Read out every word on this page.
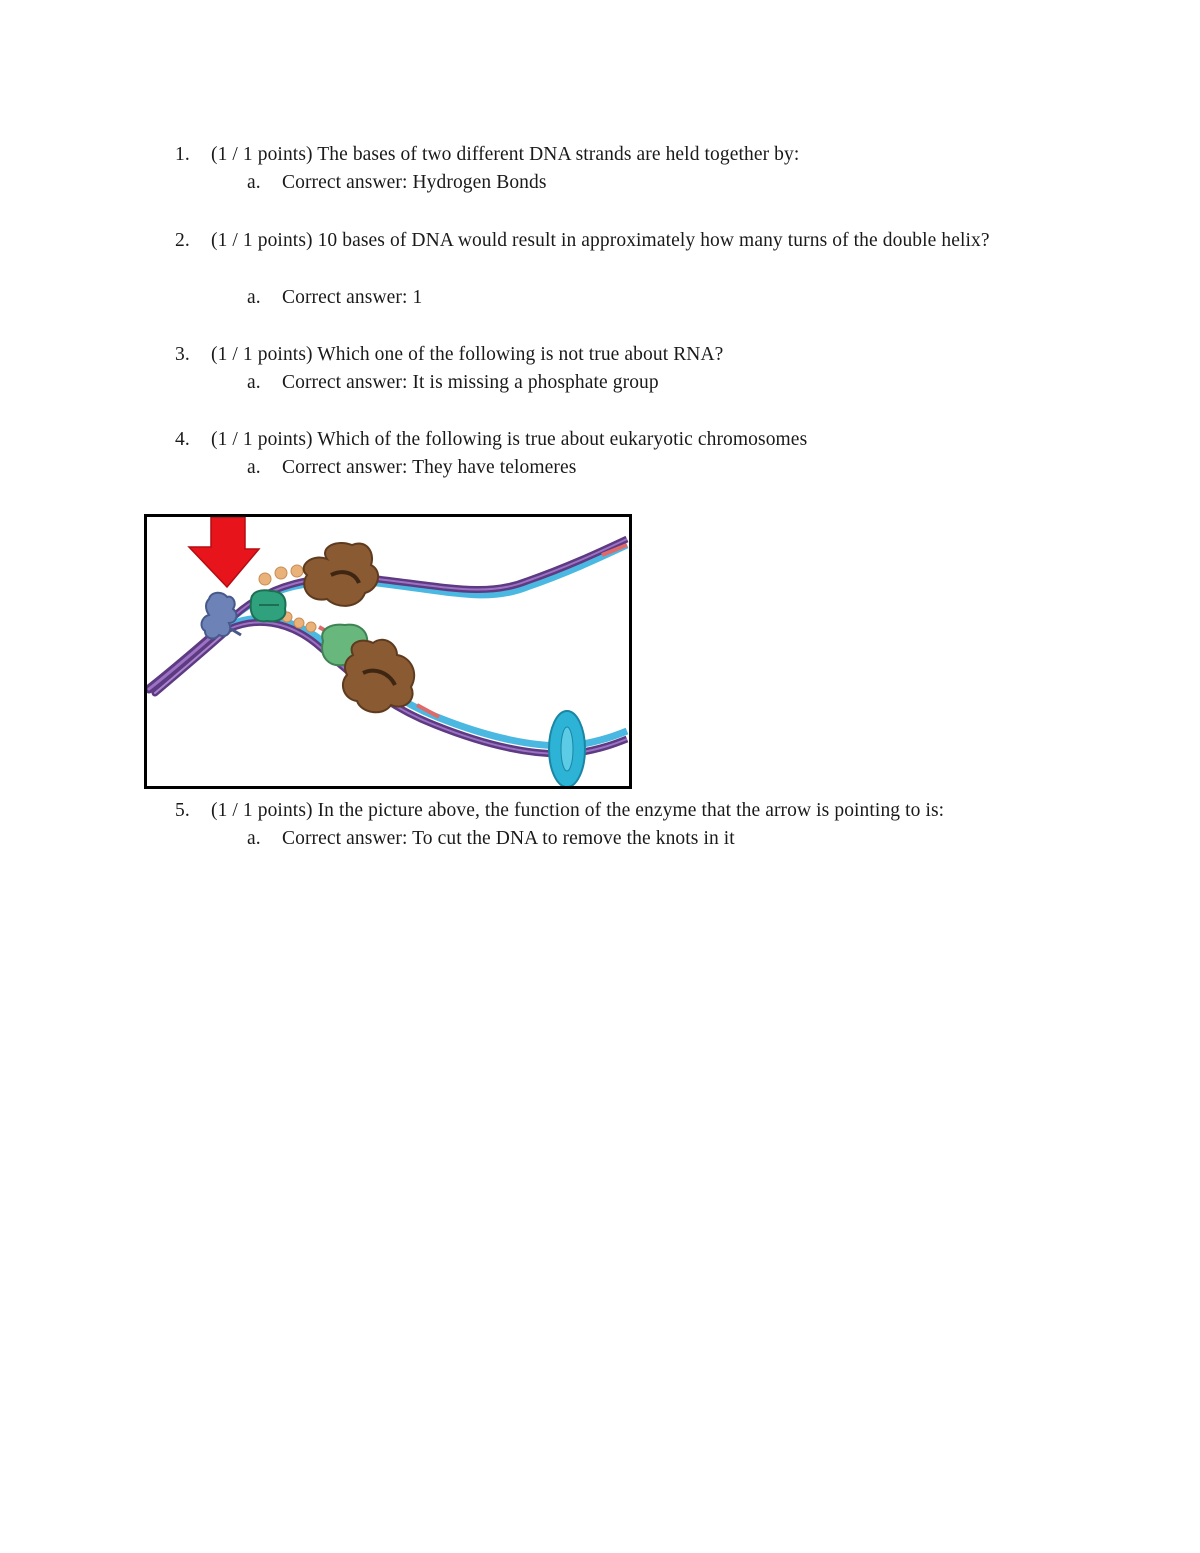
1. (1 / 1 points) The bases of two different DNA strands are held together by:
a. Correct answer: Hydrogen Bonds
2. (1 / 1 points) 10 bases of DNA would result in approximately how many turns of the double helix?
a. Correct answer: 1
3. (1 / 1 points) Which one of the following is not true about RNA?
a. Correct answer: It is missing a phosphate group
4. (1 / 1 points) Which of the following is true about eukaryotic chromosomes
a. Correct answer: They have telomeres
5. (1 / 1 points) In the picture above, the function of the enzyme that the arrow is pointing to is:
a. Correct answer: To cut the DNA to remove the knots in it
